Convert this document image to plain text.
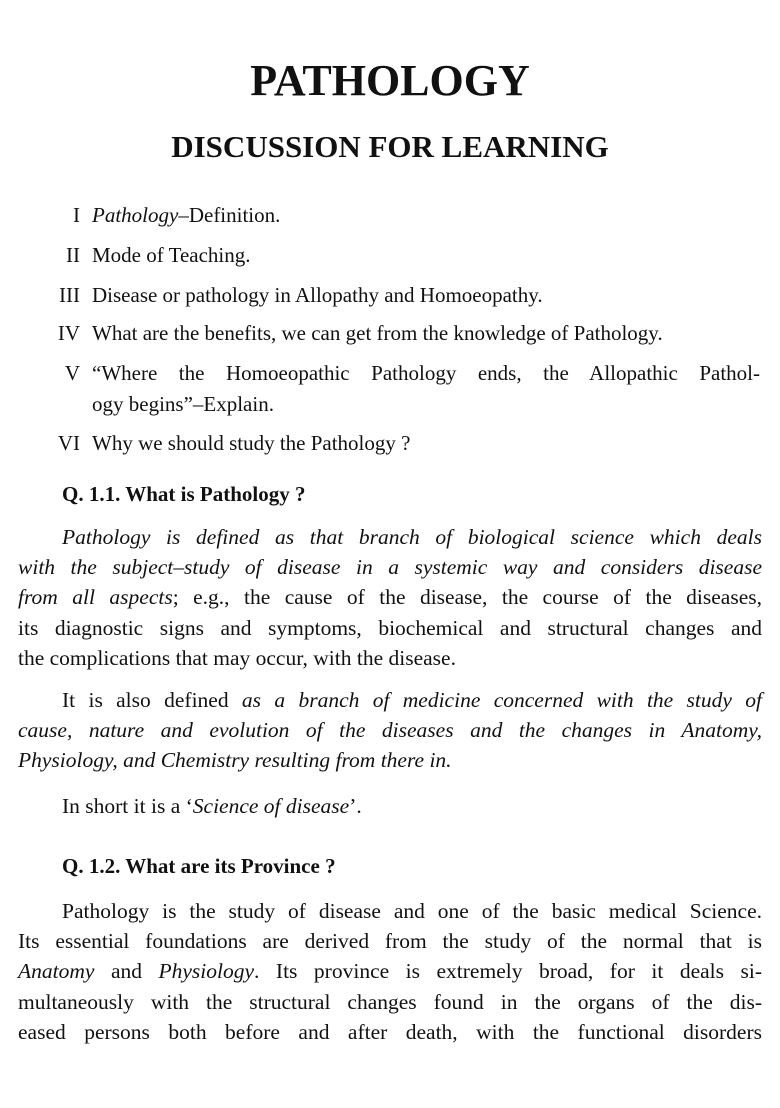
PATHOLOGY
DISCUSSION FOR LEARNING
I Pathology–Definition.
II Mode of Teaching.
III Disease or pathology in Allopathy and Homoeopathy.
IV What are the benefits, we can get from the knowledge of Pathology.
V “Where the Homoeopathic Pathology ends, the Allopathic Pathol-
ogy begins”–Explain.
VI Why we should study the Pathology ?
Q. 1.1. What is Pathology ?
Pathology is defined as that branch of biological science which deals
with the subject–study of disease in a systemic way and considers disease
from all aspects; e.g., the cause of the disease, the course of the diseases,
its diagnostic signs and symptoms, biochemical and structural changes and
the complications that may occur, with the disease.
It is also defined as a branch of medicine concerned with the study of
cause, nature and evolution of the diseases and the changes in Anatomy,
Physiology, and Chemistry resulting from there in.
In short it is a ‘Science of disease’.
Q. 1.2. What are its Province ?
Pathology is the study of disease and one of the basic medical Science.
Its essential foundations are derived from the study of the normal that is
Anatomy and Physiology. Its province is extremely broad, for it deals si-
multaneously with the structural changes found in the organs of the dis-
eased persons both before and after death, with the functional disorders
